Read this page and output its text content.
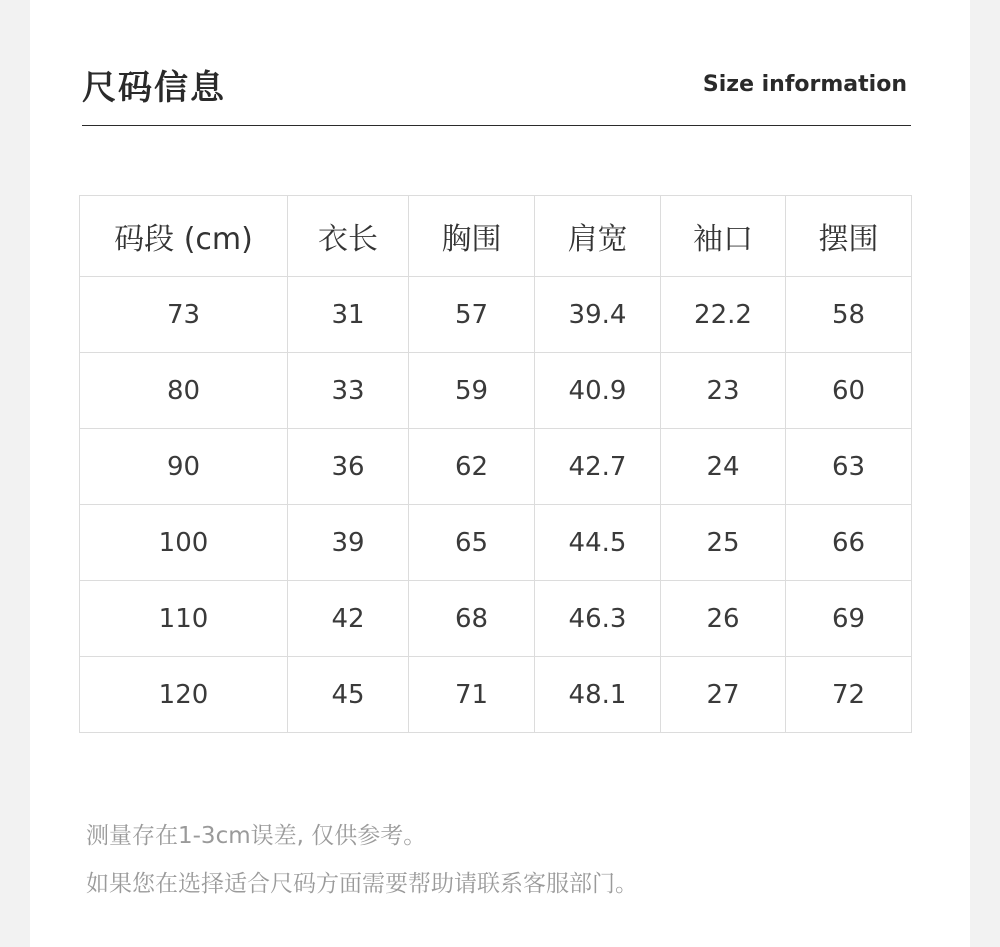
尺码信息	Size information
码段 (cm)	衣长	胸围	肩宽	袖口	摆围
73	31	57	39.4	22.2	58
80	33	59	40.9	23	60
90	36	62	42.7	24	63
100	39	65	44.5	25	66
110	42	68	46.3	26	69
120	45	71	48.1	27	72
测量存在1-3cm误差, 仅供参考。
如果您在选择适合尺码方面需要帮助请联系客服部门。
